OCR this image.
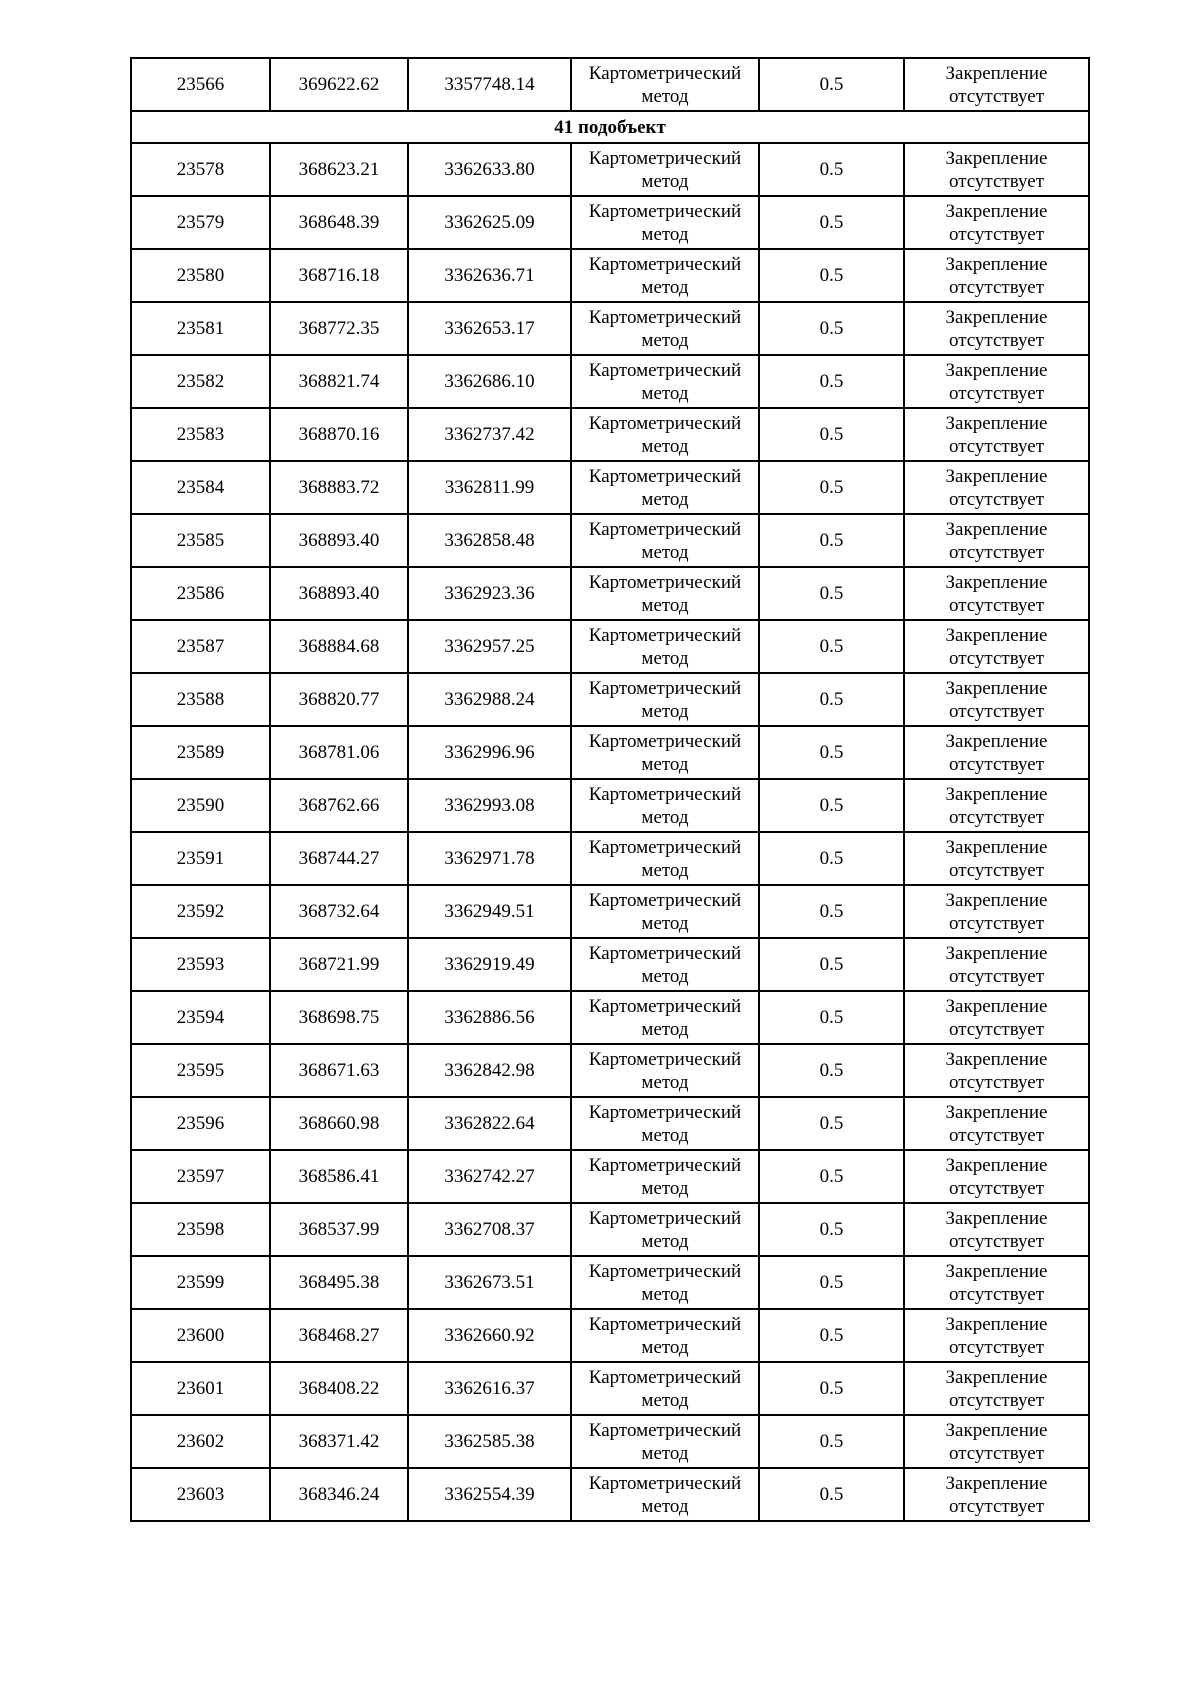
23566	369622.62	3357748.14	Картометрический метод	0.5	Закрепление отсутствует
41 подобъект					
23578	368623.21	3362633.80	Картометрический метод	0.5	Закрепление отсутствует
23579	368648.39	3362625.09	Картометрический метод	0.5	Закрепление отсутствует
23580	368716.18	3362636.71	Картометрический метод	0.5	Закрепление отсутствует
23581	368772.35	3362653.17	Картометрический метод	0.5	Закрепление отсутствует
23582	368821.74	3362686.10	Картометрический метод	0.5	Закрепление отсутствует
23583	368870.16	3362737.42	Картометрический метод	0.5	Закрепление отсутствует
23584	368883.72	3362811.99	Картометрический метод	0.5	Закрепление отсутствует
23585	368893.40	3362858.48	Картометрический метод	0.5	Закрепление отсутствует
23586	368893.40	3362923.36	Картометрический метод	0.5	Закрепление отсутствует
23587	368884.68	3362957.25	Картометрический метод	0.5	Закрепление отсутствует
23588	368820.77	3362988.24	Картометрический метод	0.5	Закрепление отсутствует
23589	368781.06	3362996.96	Картометрический метод	0.5	Закрепление отсутствует
23590	368762.66	3362993.08	Картометрический метод	0.5	Закрепление отсутствует
23591	368744.27	3362971.78	Картометрический метод	0.5	Закрепление отсутствует
23592	368732.64	3362949.51	Картометрический метод	0.5	Закрепление отсутствует
23593	368721.99	3362919.49	Картометрический метод	0.5	Закрепление отсутствует
23594	368698.75	3362886.56	Картометрический метод	0.5	Закрепление отсутствует
23595	368671.63	3362842.98	Картометрический метод	0.5	Закрепление отсутствует
23596	368660.98	3362822.64	Картометрический метод	0.5	Закрепление отсутствует
23597	368586.41	3362742.27	Картометрический метод	0.5	Закрепление отсутствует
23598	368537.99	3362708.37	Картометрический метод	0.5	Закрепление отсутствует
23599	368495.38	3362673.51	Картометрический метод	0.5	Закрепление отсутствует
23600	368468.27	3362660.92	Картометрический метод	0.5	Закрепление отсутствует
23601	368408.22	3362616.37	Картометрический метод	0.5	Закрепление отсутствует
23602	368371.42	3362585.38	Картометрический метод	0.5	Закрепление отсутствует
23603	368346.24	3362554.39	Картометрический метод	0.5	Закрепление отсутствует
